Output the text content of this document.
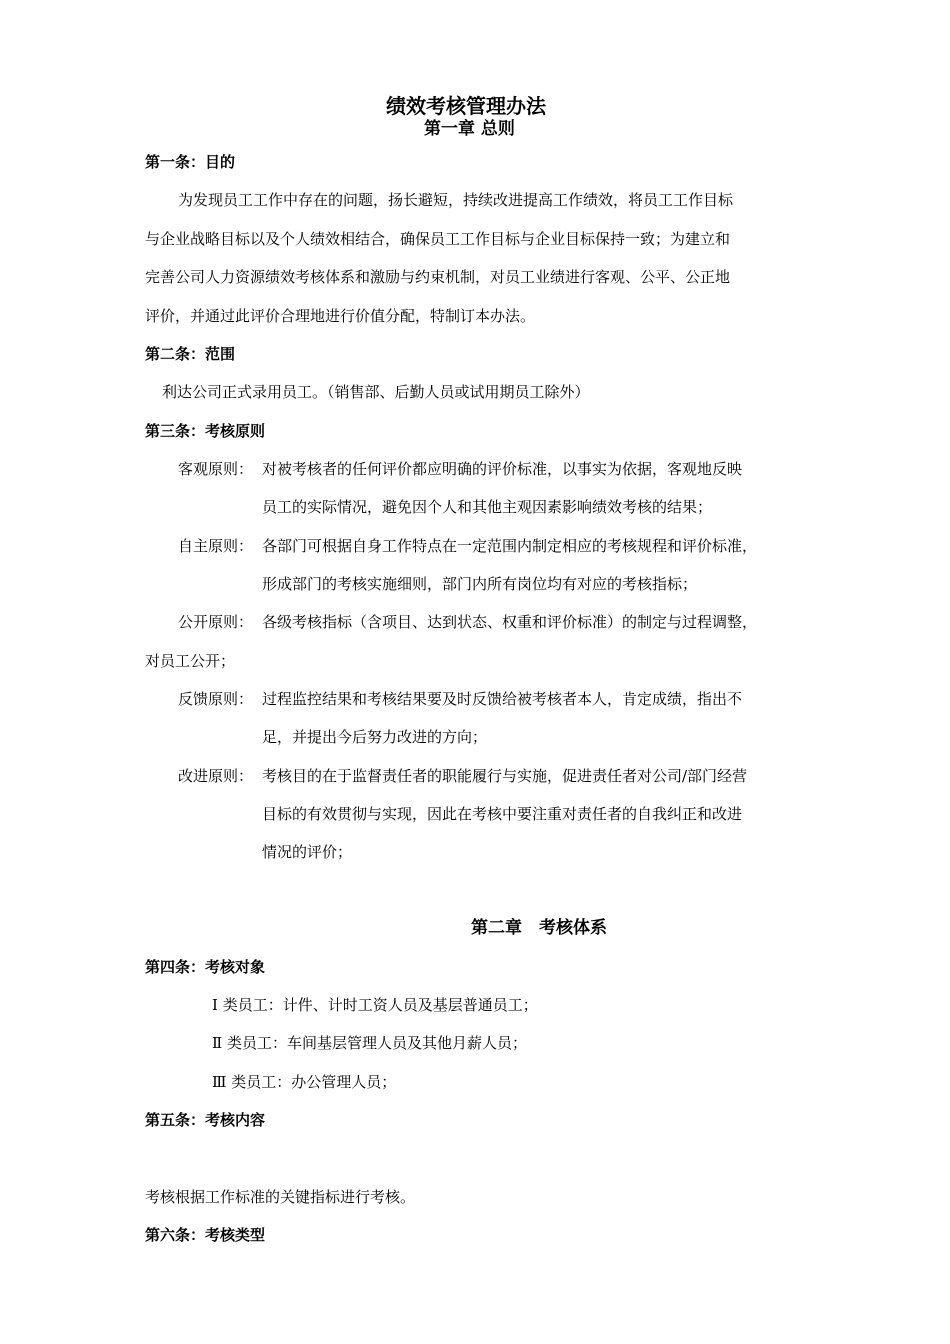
绩效考核管理办法
第一章 总则
第一条：目的
为发现员工工作中存在的问题，扬长避短，持续改进提高工作绩效，将员工工作目标
与企业战略目标以及个人绩效相结合，确保员工工作目标与企业目标保持一致；为建立和
完善公司人力资源绩效考核体系和激励与约束机制，对员工业绩进行客观、公平、公正地
评价，并通过此评价合理地进行价值分配，特制订本办法。
第二条：范围
利达公司正式录用员工。（销售部、后勤人员或试用期员工除外）
第三条：考核原则
客观原则： 对被考核者的任何评价都应明确的评价标准，以事实为依据，客观地反映
员工的实际情况，避免因个人和其他主观因素影响绩效考核的结果；
自主原则： 各部门可根据自身工作特点在一定范围内制定相应的考核规程和评价标准，
形成部门的考核实施细则，部门内所有岗位均有对应的考核指标；
公开原则： 各级考核指标（含项目、达到状态、权重和评价标准）的制定与过程调整，
对员工公开；
反馈原则： 过程监控结果和考核结果要及时反馈给被考核者本人，肯定成绩，指出不
足，并提出今后努力改进的方向；
改进原则： 考核目的在于监督责任者的职能履行与实施，促进责任者对公司/部门经营
目标的有效贯彻与实现，因此在考核中要注重对责任者的自我纠正和改进
情况的评价；
第二章　考核体系
第四条：考核对象
Ⅰ 类员工：计件、计时工资人员及基层普通员工；
Ⅱ 类员工：车间基层管理人员及其他月薪人员；
Ⅲ 类员工：办公管理人员；
第五条：考核内容
考核根据工作标准的关键指标进行考核。
第六条：考核类型
